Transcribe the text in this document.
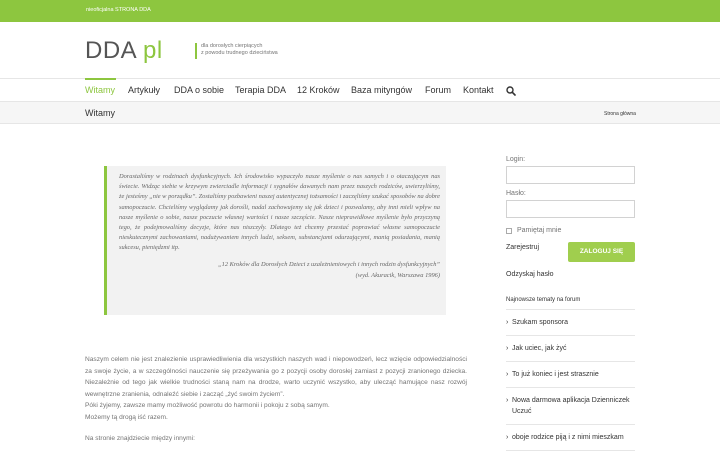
nieoficjalna STRONA DDA
DDA pl	dla dorosłych cierpiących
z powodu trudnego dzieciństwa
Witamy Artykuły DDA o sobie Terapia DDA 12 Kroków Baza mityngów Forum Kontakt
Witamy	Strona główna

Dorastaliśmy w rodzinach dysfunkcyjnych. Ich środowisko wypaczyło nasze myślenie o nas samych i o otaczającym nas świecie. Widząc siebie w krzywym zwierciadle informacji i sygnałów dawanych nam przez naszych rodziców, uwierzyliśmy, że jesteśmy „nie w porządku”. Zostaliśmy pozbawieni naszej autentycznej tożsamości i zaczęliśmy szukać sposobów na dobre samopoczucie. Chcieliśmy wyglądamy jak dorośli, nadal zachowujemy się jak dzieci i pozwalamy, aby inni mieli wpływ na nasze myślenie o sobie, nasze poczucie własnej wartości i nasze szczęście. Nasze nieprawidłowe myślenie było przyczyną tego, że podejmowaliśmy decyzje, które nas niszczyły. Dlatego też chcemy przestać poprawiać własne samopoczucie nieskutecznymi zachowaniami, nadużywaniem innych ludzi, seksem, substancjami odurzającymi, manią posiadania, manią sukcesu, pieniędzmi itp.

„12 Kroków dla Dorosłych Dzieci z uzależnieniowych i innych rodzin dysfunkcyjnych”
(wyd. Akuracik, Warszawa 1996)

Naszym celem nie jest znalezienie usprawiedliwienia dla wszystkich naszych wad i niepowodzeń, lecz wzięcie odpowiedzialności za swoje życie, a w szczególności nauczenie się przeżywania go z pozycji osoby dorosłej zamiast z pozycji zranionego dziecka. Niezależnie od tego jak wielkie trudności staną nam na drodze, warto uczynić wszystko, aby ulecząć hamujące nasz rozwój wewnętrzne zranienia, odnaleźć siebie i zacząć „żyć swoim życiem”.

Póki żyjemy, zawsze mamy możliwość powrotu do harmonii i pokoju z sobą samym.

Możemy tą drogą iść razem.

Na stronie znajdziecie między innymi:

Login:
Hasło:
Pamiętaj mnie
Zarejestruj
Odzyskaj hasło
ZALOGUJ SIĘ
Najnowsze tematy na forum
› Szukam sponsora
› Jak uciec, jak żyć
› To już koniec i jest strasznie
› Nowa darmowa aplikacja Dzienniczek Uczuć
› oboje rodzice piją i z nimi mieszkam
